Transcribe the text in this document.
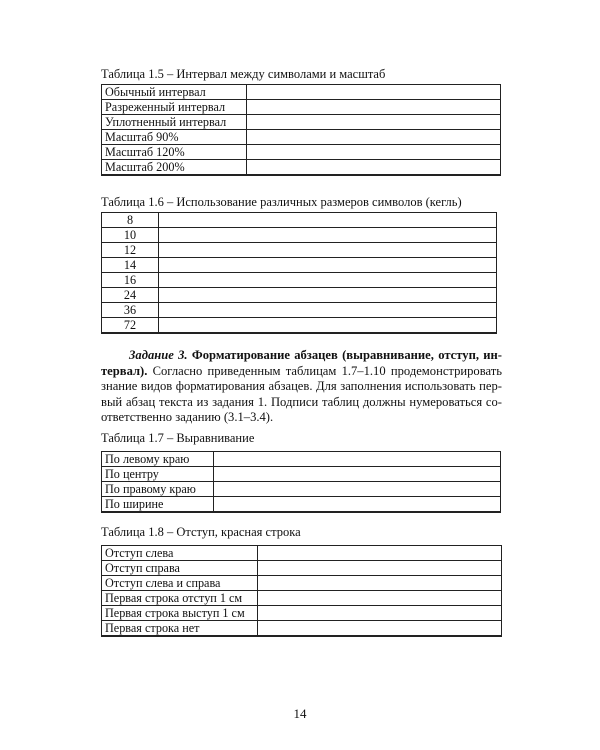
Таблица 1.5 – Интервал между символами и масштаб
Обычный интервал	
Разреженный интервал	
Уплотненный интервал	
Масштаб 90%	
Масштаб 120%	
Масштаб 200%	
Таблица 1.6 – Использование различных размеров символов (кегль)
8	
10	
12	
14	
16	
24	
36	
72	
Задание 3. Форматирование абзацев (выравнивание, отступ, ин-
тервал). Согласно приведенным таблицам 1.7–1.10 продемонстрировать
знание видов форматирования абзацев. Для заполнения использовать пер-
вый абзац текста из задания 1. Подписи таблиц должны нумероваться со-
ответственно заданию (3.1–3.4).
Таблица 1.7 – Выравнивание
По левому краю	
По центру	
По правому краю	
По ширине	
Таблица 1.8 – Отступ, красная строка
Отступ слева	
Отступ справа	
Отступ слева и справа	
Первая строка отступ 1 см	
Первая строка выступ 1 см	
Первая строка нет	
14
